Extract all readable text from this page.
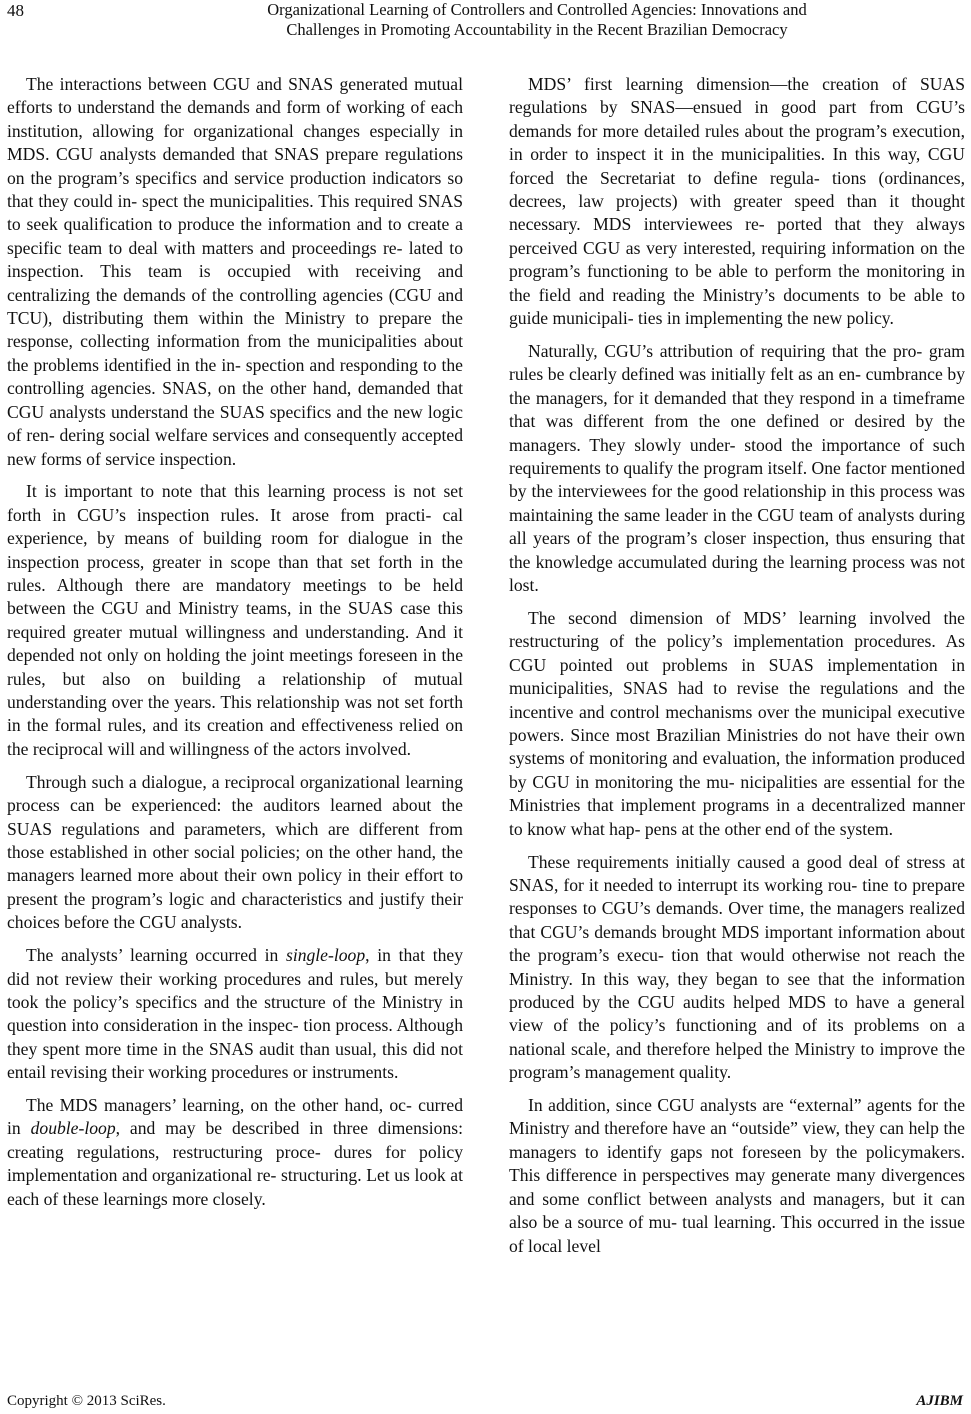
48	Organizational Learning of Controllers and Controlled Agencies: Innovations and Challenges in Promoting Accountability in the Recent Brazilian Democracy

The interactions between CGU and SNAS generated mutual efforts to understand the demands and form of working of each institution, allowing for organizational changes especially in MDS. CGU analysts demanded that SNAS prepare regulations on the program’s specifics and service production indicators so that they could in- spect the municipalities. This required SNAS to seek qualification to produce the information and to create a specific team to deal with matters and proceedings re- lated to inspection. This team is occupied with receiving and centralizing the demands of the controlling agencies (CGU and TCU), distributing them within the Ministry to prepare the response, collecting information from the municipalities about the problems identified in the in- spection and responding to the controlling agencies. SNAS, on the other hand, demanded that CGU analysts understand the SUAS specifics and the new logic of ren- dering social welfare services and consequently accepted new forms of service inspection.

It is important to note that this learning process is not set forth in CGU’s inspection rules. It arose from practi- cal experience, by means of building room for dialogue in the inspection process, greater in scope than that set forth in the rules. Although there are mandatory meetings to be held between the CGU and Ministry teams, in the SUAS case this required greater mutual willingness and understanding. And it depended not only on holding the joint meetings foreseen in the rules, but also on building a relationship of mutual understanding over the years. This relationship was not set forth in the formal rules, and its creation and effectiveness relied on the reciprocal will and willingness of the actors involved.

Through such a dialogue, a reciprocal organizational learning process can be experienced: the auditors learned about the SUAS regulations and parameters, which are different from those established in other social policies; on the other hand, the managers learned more about their own policy in their effort to present the program’s logic and characteristics and justify their choices before the CGU analysts.

The analysts’ learning occurred in single-loop, in that they did not review their working procedures and rules, but merely took the policy’s specifics and the structure of the Ministry in question into consideration in the inspec- tion process. Although they spent more time in the SNAS audit than usual, this did not entail revising their working procedures or instruments.

The MDS managers’ learning, on the other hand, oc- curred in double-loop, and may be described in three dimensions: creating regulations, restructuring proce- dures for policy implementation and organizational re- structuring. Let us look at each of these learnings more closely.

MDS’ first learning dimension—the creation of SUAS regulations by SNAS—ensued in good part from CGU’s demands for more detailed rules about the program’s execution, in order to inspect it in the municipalities. In this way, CGU forced the Secretariat to define regula- tions (ordinances, decrees, law projects) with greater speed than it thought necessary. MDS interviewees re- ported that they always perceived CGU as very interested, requiring information on the program’s functioning to be able to perform the monitoring in the field and reading the Ministry’s documents to be able to guide municipali- ties in implementing the new policy.

Naturally, CGU’s attribution of requiring that the pro- gram rules be clearly defined was initially felt as an en- cumbrance by the managers, for it demanded that they respond in a timeframe that was different from the one defined or desired by the managers. They slowly under- stood the importance of such requirements to qualify the program itself. One factor mentioned by the interviewees for the good relationship in this process was maintaining the same leader in the CGU team of analysts during all years of the program’s closer inspection, thus ensuring that the knowledge accumulated during the learning process was not lost.

The second dimension of MDS’ learning involved the restructuring of the policy’s implementation procedures. As CGU pointed out problems in SUAS implementation in municipalities, SNAS had to revise the regulations and the incentive and control mechanisms over the municipal executive powers. Since most Brazilian Ministries do not have their own systems of monitoring and evaluation, the information produced by CGU in monitoring the mu- nicipalities are essential for the Ministries that implement programs in a decentralized manner to know what hap- pens at the other end of the system.

These requirements initially caused a good deal of stress at SNAS, for it needed to interrupt its working rou- tine to prepare responses to CGU’s demands. Over time, the managers realized that CGU’s demands brought MDS important information about the program’s execu- tion that would otherwise not reach the Ministry. In this way, they began to see that the information produced by the CGU audits helped MDS to have a general view of the policy’s functioning and of its problems on a national scale, and therefore helped the Ministry to improve the program’s management quality.

In addition, since CGU analysts are “external” agents for the Ministry and therefore have an “outside” view, they can help the managers to identify gaps not foreseen by the policymakers. This difference in perspectives may generate many divergences and some conflict between analysts and managers, but it can also be a source of mu- tual learning. This occurred in the issue of local level

Copyright © 2013 SciRes.	AJIBM
